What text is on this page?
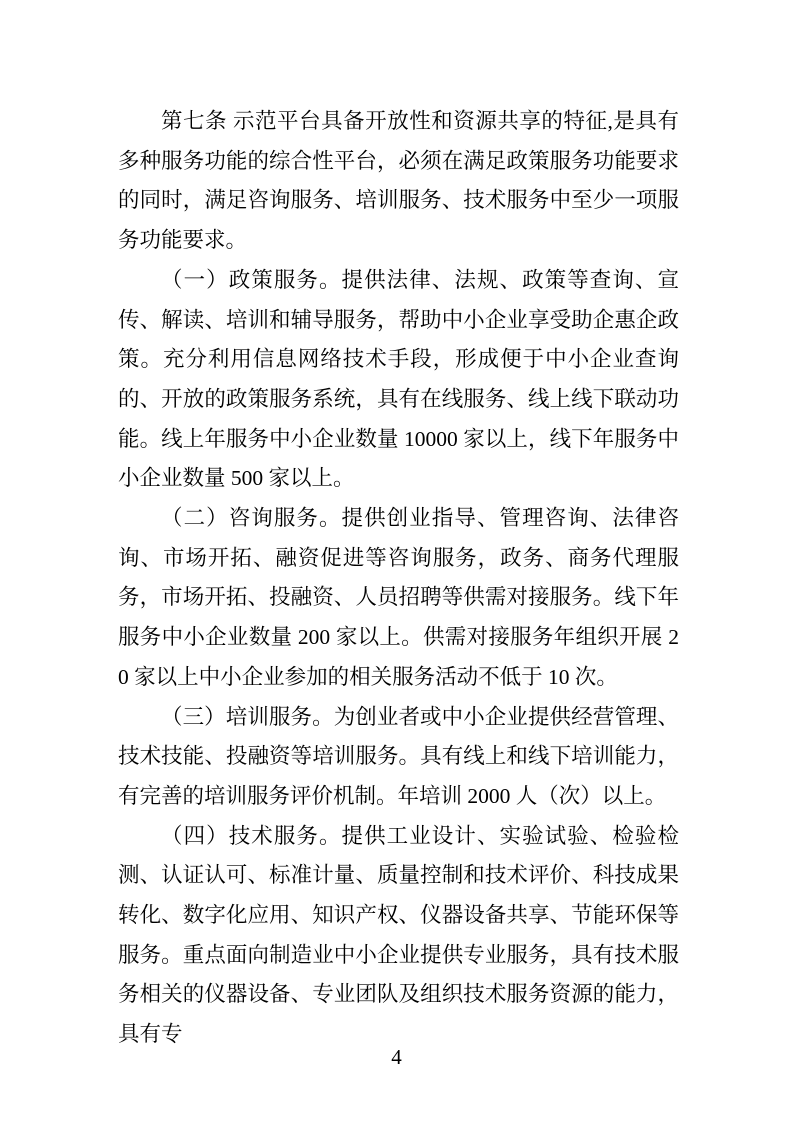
第七条 示范平台具备开放性和资源共享的特征,是具有多种服务功能的综合性平台，必须在满足政策服务功能要求的同时，满足咨询服务、培训服务、技术服务中至少一项服务功能要求。

（一）政策服务。提供法律、法规、政策等查询、宣传、解读、培训和辅导服务，帮助中小企业享受助企惠企政策。充分利用信息网络技术手段，形成便于中小企业查询的、开放的政策服务系统，具有在线服务、线上线下联动功能。线上年服务中小企业数量 10000 家以上，线下年服务中小企业数量 500 家以上。

（二）咨询服务。提供创业指导、管理咨询、法律咨询、市场开拓、融资促进等咨询服务，政务、商务代理服务，市场开拓、投融资、人员招聘等供需对接服务。线下年服务中小企业数量 200 家以上。供需对接服务年组织开展 20 家以上中小企业参加的相关服务活动不低于 10 次。

（三）培训服务。为创业者或中小企业提供经营管理、技术技能、投融资等培训服务。具有线上和线下培训能力，有完善的培训服务评价机制。年培训 2000 人（次）以上。

（四）技术服务。提供工业设计、实验试验、检验检测、认证认可、标准计量、质量控制和技术评价、科技成果转化、数字化应用、知识产权、仪器设备共享、节能环保等服务。重点面向制造业中小企业提供专业服务，具有技术服务相关的仪器设备、专业团队及组织技术服务资源的能力，具有专

4
